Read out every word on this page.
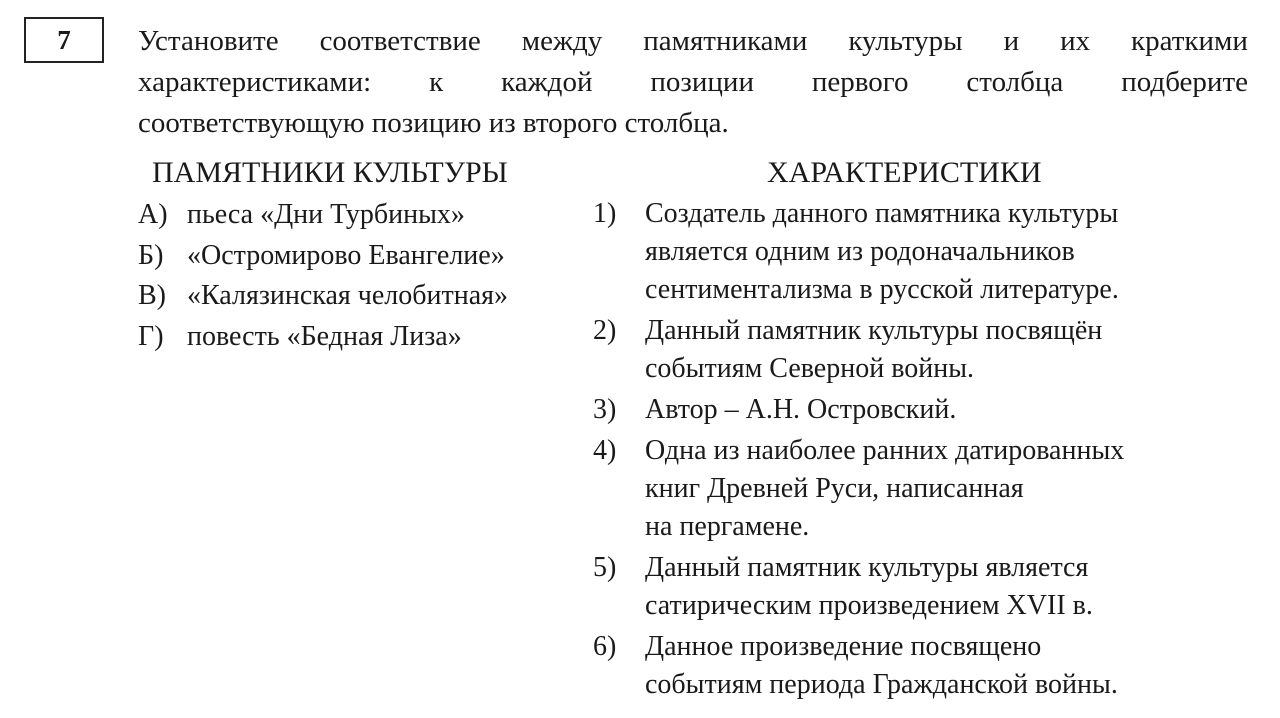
7 Установите соответствие между памятниками культуры и их краткими
характеристиками: к каждой позиции первого столбца подберите
соответствующую позицию из второго столбца.
ПАМЯТНИКИ КУЛЬТУРЫ	ХАРАКТЕРИСТИКИ
А) пьеса «Дни Турбиных»
Б) «Остромирово Евангелие»
В) «Калязинская челобитная»
Г) повесть «Бедная Лиза»
1)	Создатель данного памятника культуры
является одним из родоначальников
сентиментализма в русской литературе.
2)	Данный памятник культуры посвящён
событиям Северной войны.
3)	Автор – А.Н. Островский.
4)	Одна из наиболее ранних датированных
книг Древней Руси, написанная
на пергамене.
5)	Данный памятник культуры является
сатирическим произведением XVII в.
6)	Данное произведение посвящено
событиям периода Гражданской войны.
